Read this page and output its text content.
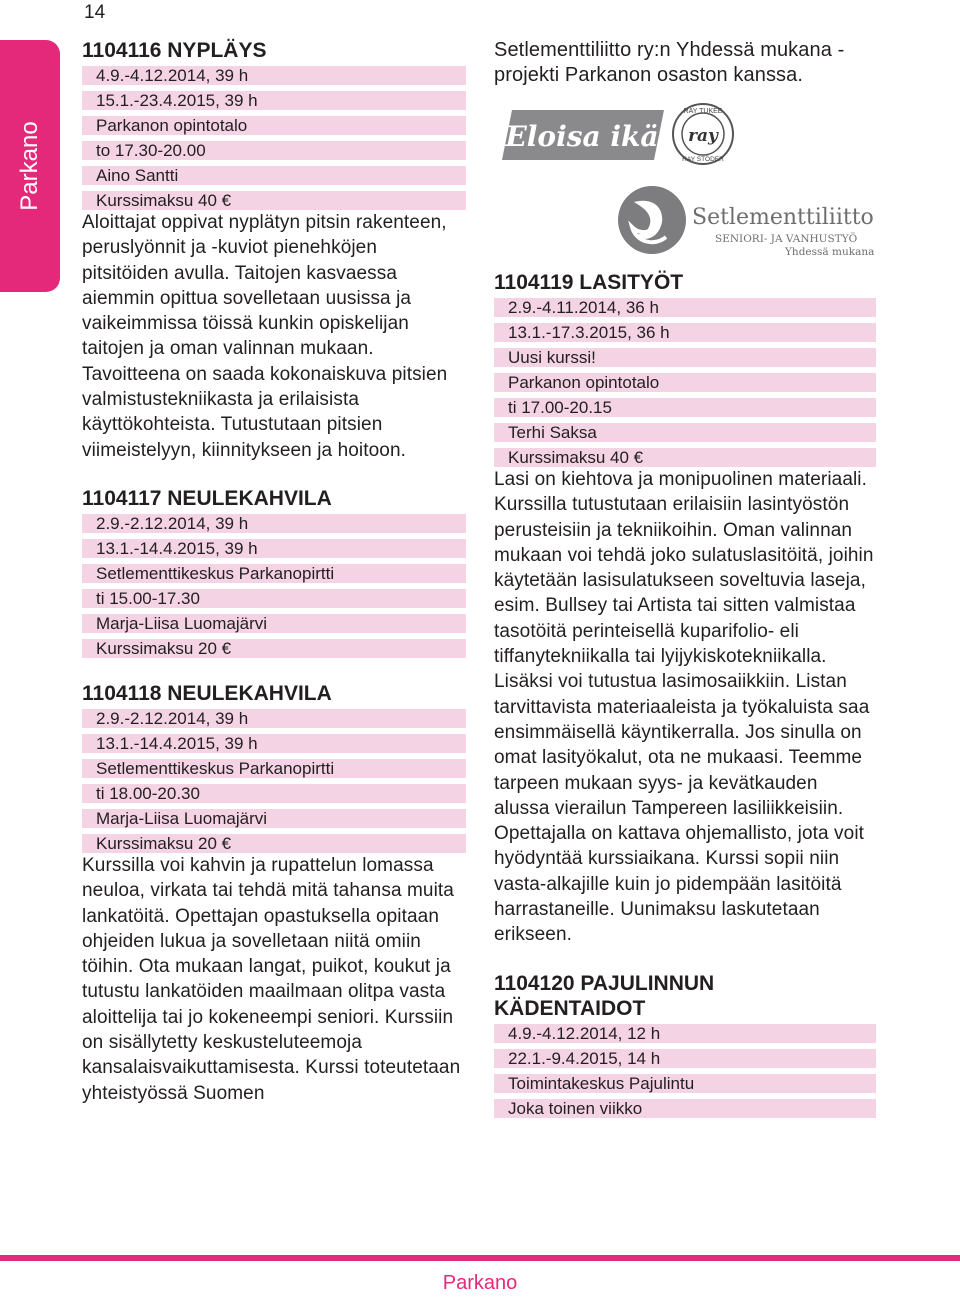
14
Parkano
1104116 NYPLÄYS
4.9.-4.12.2014, 39 h
15.1.-23.4.2015, 39 h
Parkanon opintotalo
to 17.30-20.00
Aino Santti
Kurssimaksu 40 €

Aloittajat oppivat nyplätyn pitsin rakenteen, peruslyönnit ja -kuviot pienehköjen pitsitöiden avulla. Taitojen kasvaessa aiemmin opittua sovelletaan uusissa ja vaikeimmissa töissä kunkin opiskelijan taitojen ja oman valinnan mukaan. Tavoitteena on saada kokonaiskuva pitsien valmistustekniikasta ja erilaisista käyttökohteista. Tutustutaan pitsien viimeistelyyn, kiinnitykseen ja hoitoon.

1104117 NEULEKAHVILA
2.9.-2.12.2014, 39 h
13.1.-14.4.2015, 39 h
Setlementtikeskus Parkanopirtti
ti 15.00-17.30
Marja-Liisa Luomajärvi
Kurssimaksu 20 €
1104118 NEULEKAHVILA
2.9.-2.12.2014, 39 h
13.1.-14.4.2015, 39 h
Setlementtikeskus Parkanopirtti
ti 18.00-20.30
Marja-Liisa Luomajärvi
Kurssimaksu 20 €

Kurssilla voi kahvin ja rupattelun lomassa neuloa, virkata tai tehdä mitä tahansa muita lankatöitä. Opettajan opastuksella opitaan ohjeiden lukua ja sovelletaan niitä omiin töihin. Ota mukaan langat, puikot, koukut ja tutustu lankatöiden maailmaan olitpa vasta aloittelija tai jo kokeneempi seniori. Kurssiin on sisällytetty keskusteluteemoja kansalaisvaikuttamisesta. Kurssi toteutetaan yhteistyössä Suomen

Setlementtiliitto ry:n Yhdessä mukana -projekti Parkanon osaston kanssa.

Eloisa ikä
RAY TUKEE
ray
RAY STÖDER
Setlementtiliitto
SENIORI- JA VANHUSTYÖ
Yhdessä mukana
1104119 LASITYÖT
2.9.-4.11.2014, 36 h
13.1.-17.3.2015, 36 h
Uusi kurssi!
Parkanon opintotalo
ti 17.00-20.15
Terhi Saksa
Kurssimaksu 40 €

Lasi on kiehtova ja monipuolinen materiaali. Kurssilla tutustutaan erilaisiin lasintyöstön perusteisiin ja tekniikoihin. Oman valinnan mukaan voi tehdä joko sulatuslasitöitä, joihin käytetään lasisulatukseen soveltuvia laseja, esim. Bullsey tai Artista tai sitten valmistaa tasotöitä perinteisellä kuparifolio- eli tiffanytekniikalla tai lyijykiskotekniikalla. Lisäksi voi tutustua lasimosaiikkiin. Listan tarvittavista materiaaleista ja työkaluista saa ensimmäisellä käyntikerralla. Jos sinulla on omat lasityökalut, ota ne mukaasi. Teemme tarpeen mukaan syys- ja kevätkauden alussa vierailun Tampereen lasiliikkeisiin. Opettajalla on kattava ohjemallisto, jota voit hyödyntää kurssiaikana. Kurssi sopii niin vasta-alkajille kuin jo pidempään lasitöitä harrastaneille. Uunimaksu laskutetaan erikseen.

1104120 PAJULINNUN
KÄDENTAIDOT
4.9.-4.12.2014, 12 h
22.1.-9.4.2015, 14 h
Toimintakeskus Pajulintu
Joka toinen viikko
Parkano
